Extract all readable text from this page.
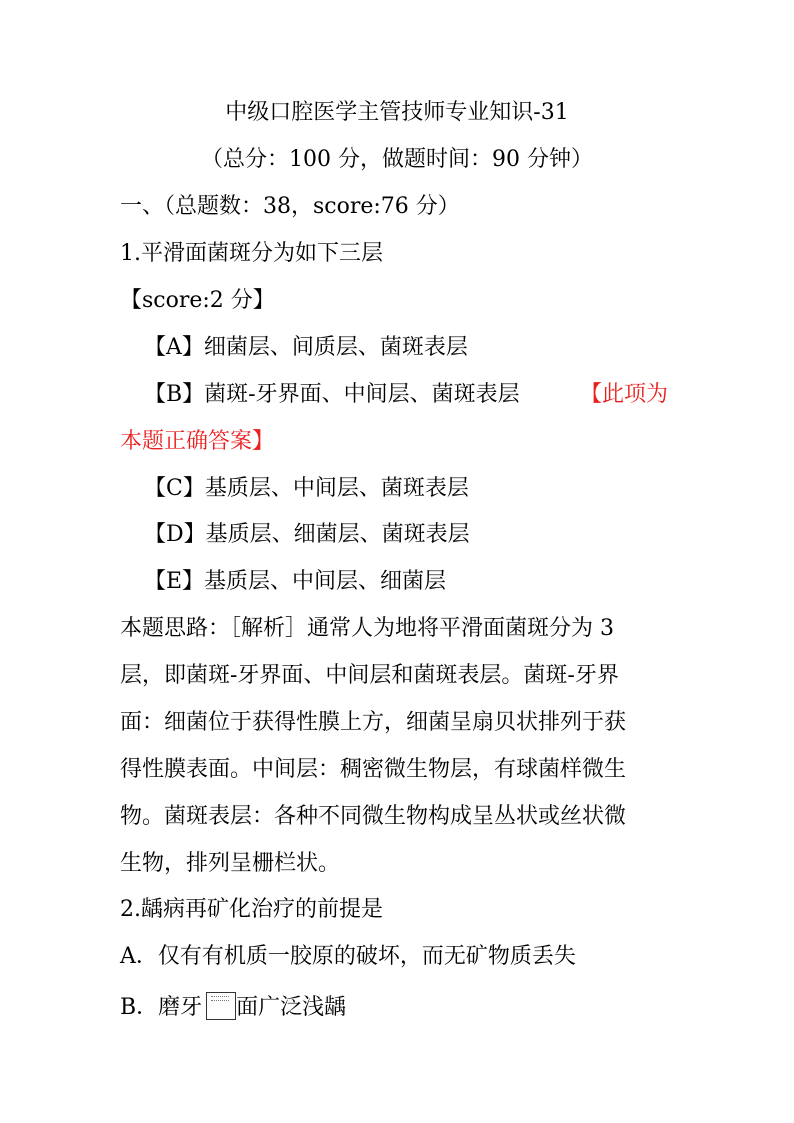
中级口腔医学主管技师专业知识-31
（总分：100 分，做题时间：90 分钟）
一、（总题数：38，score:76 分）
1.平滑面菌斑分为如下三层
【score:2 分】
【A】细菌层、间质层、菌斑表层
【B】菌斑-牙界面、中间层、菌斑表层	【此项为
本题正确答案】
【C】基质层、中间层、菌斑表层
【D】基质层、细菌层、菌斑表层
【E】基质层、中间层、细菌层
本题思路：［解析］通常人为地将平滑面菌斑分为 3
层，即菌斑-牙界面、中间层和菌斑表层。菌斑-牙界
面：细菌位于获得性膜上方，细菌呈扇贝状排列于获
得性膜表面。中间层：稠密微生物层，有球菌样微生
物。菌斑表层：各种不同微生物构成呈丛状或丝状微
生物，排列呈栅栏状。
2.龋病再矿化治疗的前提是
A．仅有有机质一胶原的破坏，而无矿物质丢失
B．磨牙 面广泛浅龋
